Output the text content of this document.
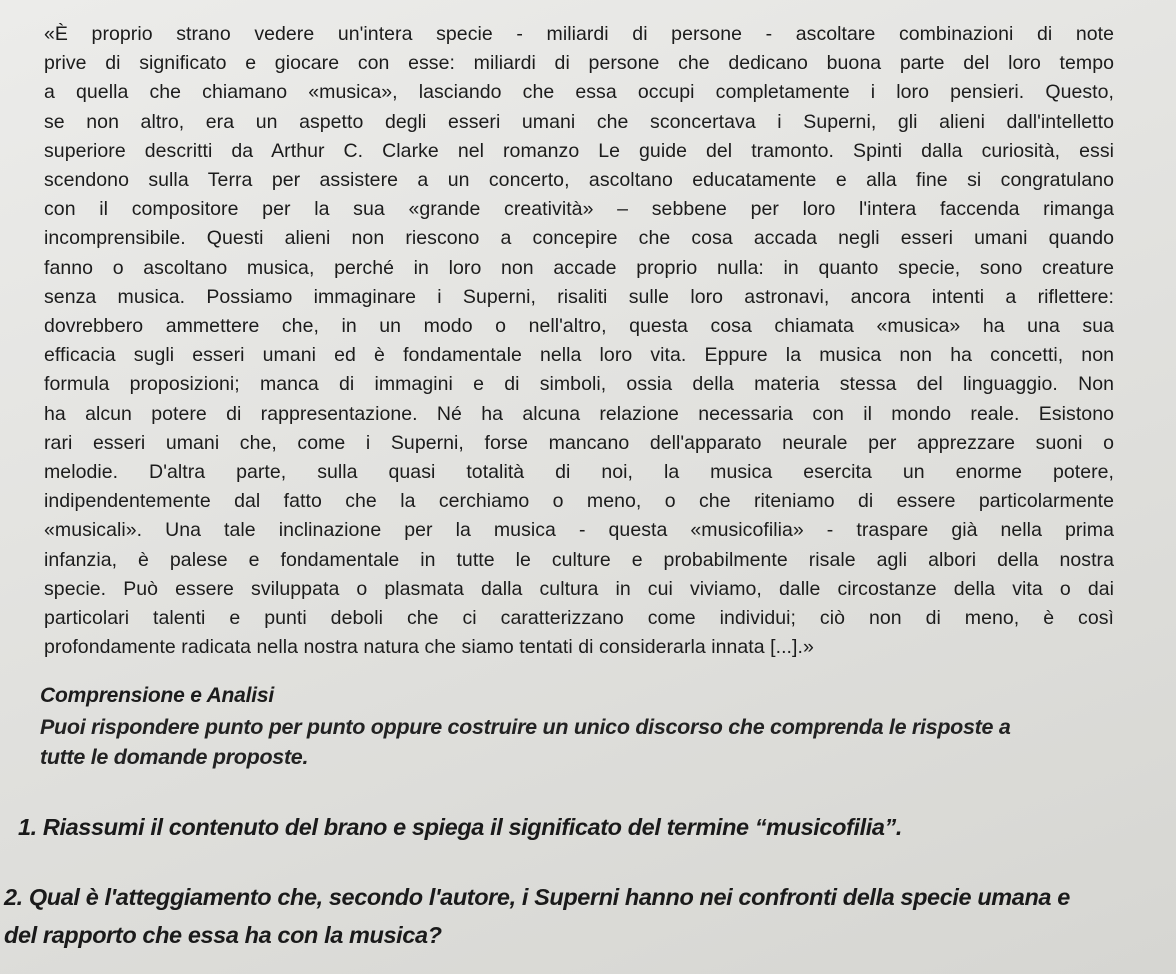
«È proprio strano vedere un'intera specie - miliardi di persone - ascoltare combinazioni di note
prive di significato e giocare con esse: miliardi di persone che dedicano buona parte del loro tempo
a quella che chiamano «musica», lasciando che essa occupi completamente i loro pensieri. Questo,
se non altro, era un aspetto degli esseri umani che sconcertava i Superni, gli alieni dall'intelletto
superiore descritti da Arthur C. Clarke nel romanzo Le guide del tramonto. Spinti dalla curiosità, essi
scendono sulla Terra per assistere a un concerto, ascoltano educatamente e alla fine si congratulano
con il compositore per la sua «grande creatività» – sebbene per loro l'intera faccenda rimanga
incomprensibile. Questi alieni non riescono a concepire che cosa accada negli esseri umani quando
fanno o ascoltano musica, perché in loro non accade proprio nulla: in quanto specie, sono creature
senza musica. Possiamo immaginare i Superni, risaliti sulle loro astronavi, ancora intenti a riflettere:
dovrebbero ammettere che, in un modo o nell'altro, questa cosa chiamata «musica» ha una sua
efficacia sugli esseri umani ed è fondamentale nella loro vita. Eppure la musica non ha concetti, non
formula proposizioni; manca di immagini e di simboli, ossia della materia stessa del linguaggio. Non
ha alcun potere di rappresentazione. Né ha alcuna relazione necessaria con il mondo reale. Esistono
rari esseri umani che, come i Superni, forse mancano dell'apparato neurale per apprezzare suoni o
melodie. D'altra parte, sulla quasi totalità di noi, la musica esercita un enorme potere,
indipendentemente dal fatto che la cerchiamo o meno, o che riteniamo di essere particolarmente
«musicali». Una tale inclinazione per la musica - questa «musicofilia» - traspare già nella prima
infanzia, è palese e fondamentale in tutte le culture e probabilmente risale agli albori della nostra
specie. Può essere sviluppata o plasmata dalla cultura in cui viviamo, dalle circostanze della vita o dai
particolari talenti e punti deboli che ci caratterizzano come individui; ciò non di meno, è così
profondamente radicata nella nostra natura che siamo tentati di considerarla innata [...].»
Comprensione e Analisi

Puoi rispondere punto per punto oppure costruire un unico discorso che comprenda le risposte a
tutte le domande proposte.

1. Riassumi il contenuto del brano e spiega il significato del termine “musicofilia”.

2. Qual è l'atteggiamento che, secondo l'autore, i Superni hanno nei confronti della specie umana e
del rapporto che essa ha con la musica?
